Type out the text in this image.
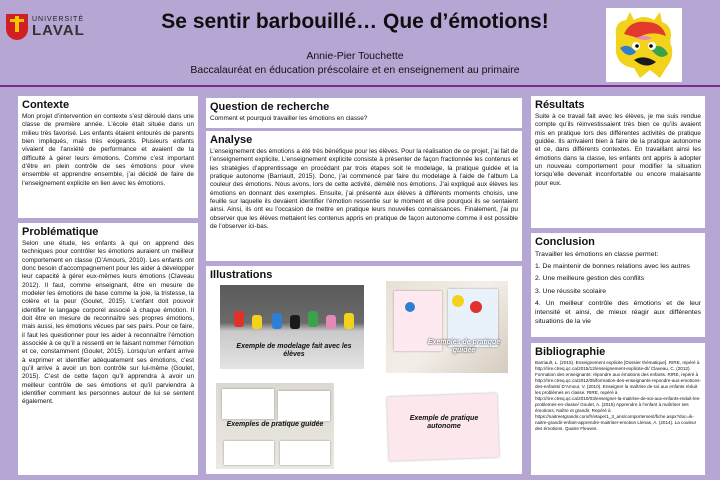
UNIVERSITÉ
LAVAL	Se sentir barbouillé… Que d’émotions!
Annie-Pier Touchette
Baccalauréat en éducation préscolaire et en enseignement au primaire
Contexte

Mon projet d’intervention en contexte s’est déroulé dans une classe de première année. L’école était située dans un milieu très favorisé. Les enfants étaient entourés de parents bien impliqués, mais très exigeants. Plusieurs enfants vivaient de l’anxiété de performance et avaient de la difficulté à gérer leurs émotions. Comme c’est important d’être en plein contrôle de ses émotions pour vivre ensemble et apprendre ensemble, j’ai décidé de faire de l’enseignement explicite en lien avec les émotions.

Problématique

Selon une étude, les enfants à qui on apprend des techniques pour contrôler les émotions auraient un meilleur comportement en classe (D’Amours, 2010). Les enfants ont donc besoin d’accompagnement pour les aider à développer leur capacité à gérer eux-mêmes leurs émotions (Claveau 2012). Il faut, comme enseignant, être en mesure de modeler les émotions de base comme la joie, la tristesse, la colère et la peur (Goulet, 2015). L’enfant doit pouvoir identifier le langage corporel associé à chaque émotion. Il doit être en mesure de reconnaître ses propres émotions, mais aussi, les émotions vécues par ses pairs. Pour ce faire, il faut les questionner pour les aider à reconnaître l’émotion associée à ce qu’il a ressenti en le faisant nommer l’émotion et ce, constamment (Goulet, 2015). Lorsqu’un enfant arrive à exprimer et identifier adéquatement ses émotions, c’est qu’il arrive à avoir un bon contrôle sur lui-même (Goulet, 2015). C’est de cette façon qu’il apprendra à avoir un meilleur contrôle de ses émotions et qu’il parviendra à identifier comment les personnes autour de lui se sentent également.

Question de recherche

Comment et pourquoi travailler les émotions en classe?

Analyse

L’enseignement des émotions a été très bénéfique pour les élèves. Pour la réalisation de ce projet, j’ai fait de l’enseignement explicite. L’enseignement explicite consiste à présenter de façon fractionnée les contenus et les stratégies d’apprentissage en procédant par trois étapes soit le modelage, la pratique guidée et la pratique autonome (Barriault, 2015). Donc, j’ai commencé par faire du modelage à l’aide de l’album La couleur des émotions. Nous avons, lors de cette activité, démêlé nos émotions. J’ai expliqué aux élèves les émotions en donnant des exemples. Ensuite, j’ai présenté aux élèves à différents moments choisis, une feuille sur laquelle ils devaient identifier l’émotion ressentie sur le moment et dire pourquoi ils se sentaient ainsi. Ainsi, ils ont eu l’occasion de mettre en pratique leurs nouvelles connaissances. Finalement, j’ai pu observer que les élèves mettaient les contenus appris en pratique de façon autonome comme il est possible de l’observer ici-bas.

Illustrations
Exemple de modelage fait avec les élèves
Exemples de pratique guidée
Exemples de pratique guidée
Exemple de pratique autonome
Résultats

Suite à ce travail fait avec les élèves, je me suis rendue compte qu’ils réinvestissaient très bien ce qu’ils avaient mis en pratique lors des différentes activités de pratique guidée. Ils arrivaient bien à faire de la pratique autonome et ce, dans différents contextes. En travaillant ainsi les émotions dans la classe, les enfants ont appris à adopter un nouveau comportement pour modifier la situation lorsqu’elle devenait inconfortable ou encore malaisante pour eux.

Conclusion

Travailler les émotions en classe permet:

1. De maintenir de bonnes relations avec les autres
2. Une meilleure gestion des conflits
3. Une réussite scolaire
4. Un meilleur contrôle des émotions et de leur intensité et ainsi, de mieux réagir aux différentes situations de la vie
Bibliographie

Barriault, L. (2015). Enseignement explicite [Dossier thématique]. RIRE, repéré à http://rire.ctreq.qc.ca/2015/12/enseignement-explicite-dt/ Claveau, C. (2012). Formation des enseignants: répondre aux émotions des enfants. RIRE, repéré à http://rire.ctreq.qc.ca/2012/05/formation-des-enseignants-repondre-aux-emotions-des-enfants/ D’Amour, V. (2010). Enseigner la maîtrise de soi aux enfants réduit les problèmes en classe. RIRE, repéré à http://rire.ctreq.qc.ca/2010/03/enseigner-la-maitrise-de-soi-aux-enfants-reduit-les-problemes-en-classe/ Goulet, A. (2015) Apprendre à l’enfant à maîtriser ses émotions, Naître et grandir. Repéré à https://naitreetgrandir.com/fr/etape/1_3_ans/comportement/fiche.aspx?doc=ik-naitre-grandir-enfant-apprendre-maitriser-emotion Llenas, A. (2014). La couleur des émotions. Quatre Fleuves.
